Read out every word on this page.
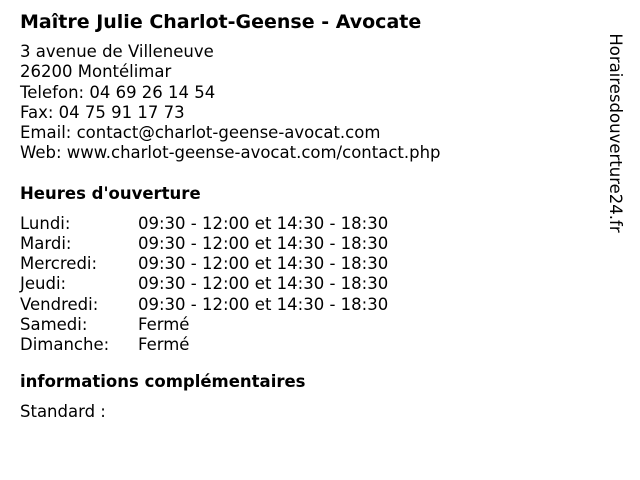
Maître Julie Charlot-Geense - Avocate
3 avenue de Villeneuve
26200 Montélimar
Telefon: 04 69 26 14 54
Fax: 04 75 91 17 73
Email: contact@charlot-geense-avocat.com
Web: www.charlot-geense-avocat.com/contact.php
Heures d'ouverture
Lundi:	09:30 - 12:00 et 14:30 - 18:30
Mardi:	09:30 - 12:00 et 14:30 - 18:30
Mercredi:	09:30 - 12:00 et 14:30 - 18:30
Jeudi:	09:30 - 12:00 et 14:30 - 18:30
Vendredi:	09:30 - 12:00 et 14:30 - 18:30
Samedi:	Fermé
Dimanche:	Fermé
informations complémentaires
Standard :
Horairesdouverture24.fr
